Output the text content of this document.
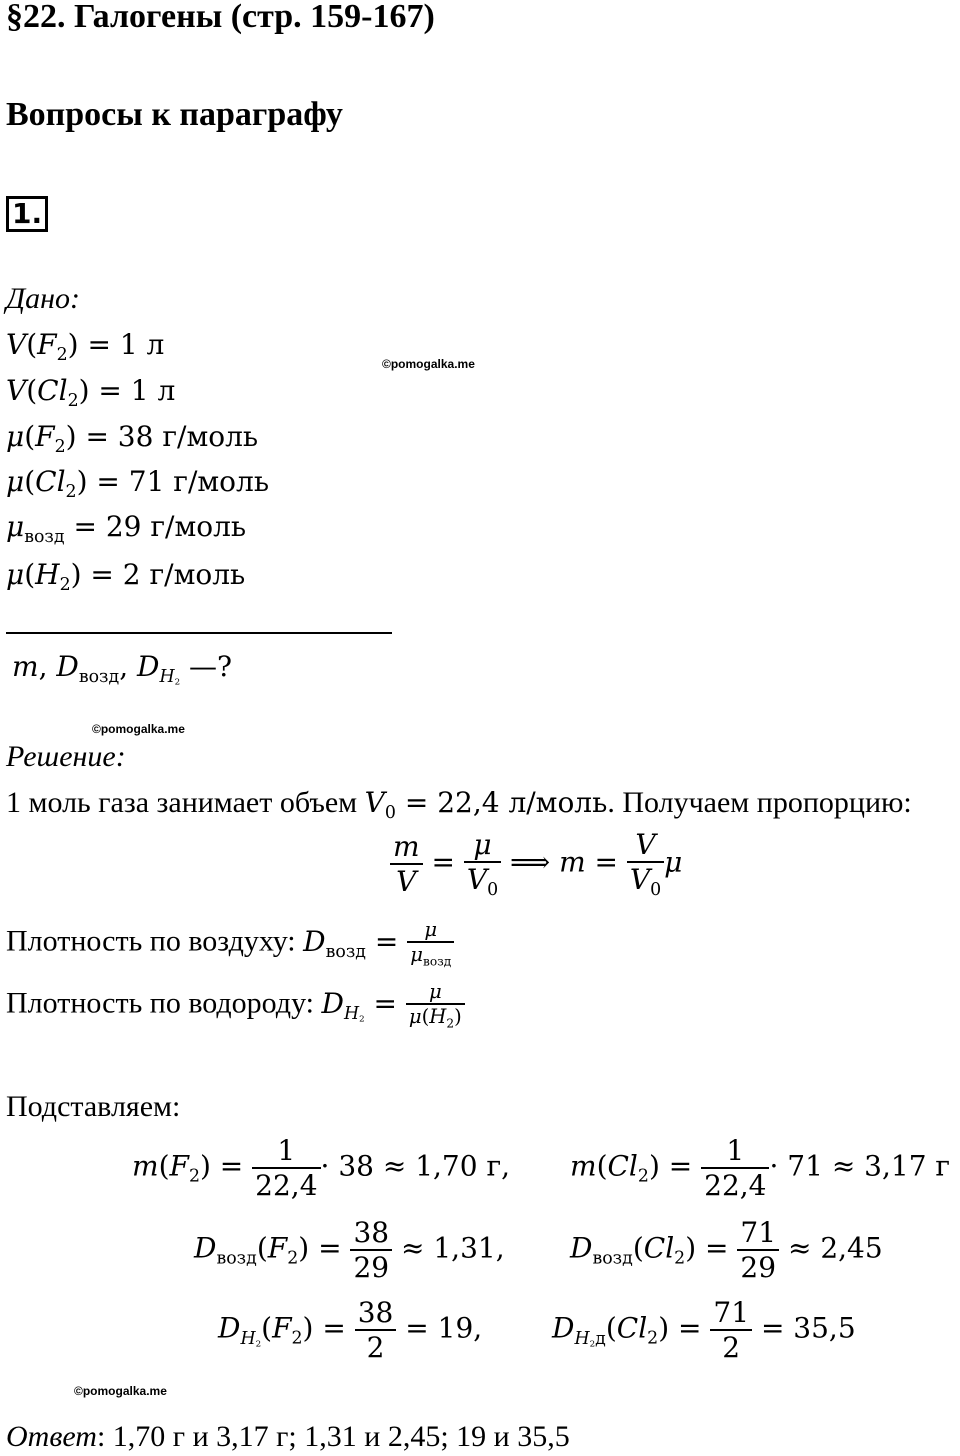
§22. Галогены (стр. 159-167)
Вопросы к параграфу
1.
Дано:
$V(F_2) = 1$ л
$V(Cl_2) = 1$ л
$\mu(F_2) = 38$ г/моль
$\mu(Cl_2) = 71$ г/моль
$\mu_{возд} = 29$ г/моль
$\mu(H_2) = 2$ г/моль
m, $D_{возд}$, $D_{H2}$ —?
Решение:
1 моль газа занимает объем $V_0 = 22,4$ л/моль. Получаем пропорцию:
$\frac{m}{V} = \frac{\mu}{V_0}$ ⟹ $m = \frac{V}{V_0}$ μ
Плотность по воздуху: $D_{возд} = \frac{\mu}{\mu_{возд}}$
Плотность по водороду: $D_{H2} = \frac{\mu}{\mu(H_2)}$
Подставляем:
$m(F_2) = \frac{1}{22,4} \cdot 38 \approx 1,70$ г, $m(Cl_2) = \frac{1}{22,4} \cdot 71 \approx 3,17$ г
$D_{возд}(F_2) = \frac{38}{29} \approx 1,31$, $D_{возд}(Cl_2) = \frac{71}{29} \approx 2,45$
$D_{H2}(F_2) = \frac{38}{2} = 19$, $D_{H2д}(Cl_2) = \frac{71}{2} = 35,5$
Ответ: 1,70 г и 3,17 г; 1,31 и 2,45; 19 и 35,5
©pomogalka.me
©pomogalka.me
©pomogalka.me
